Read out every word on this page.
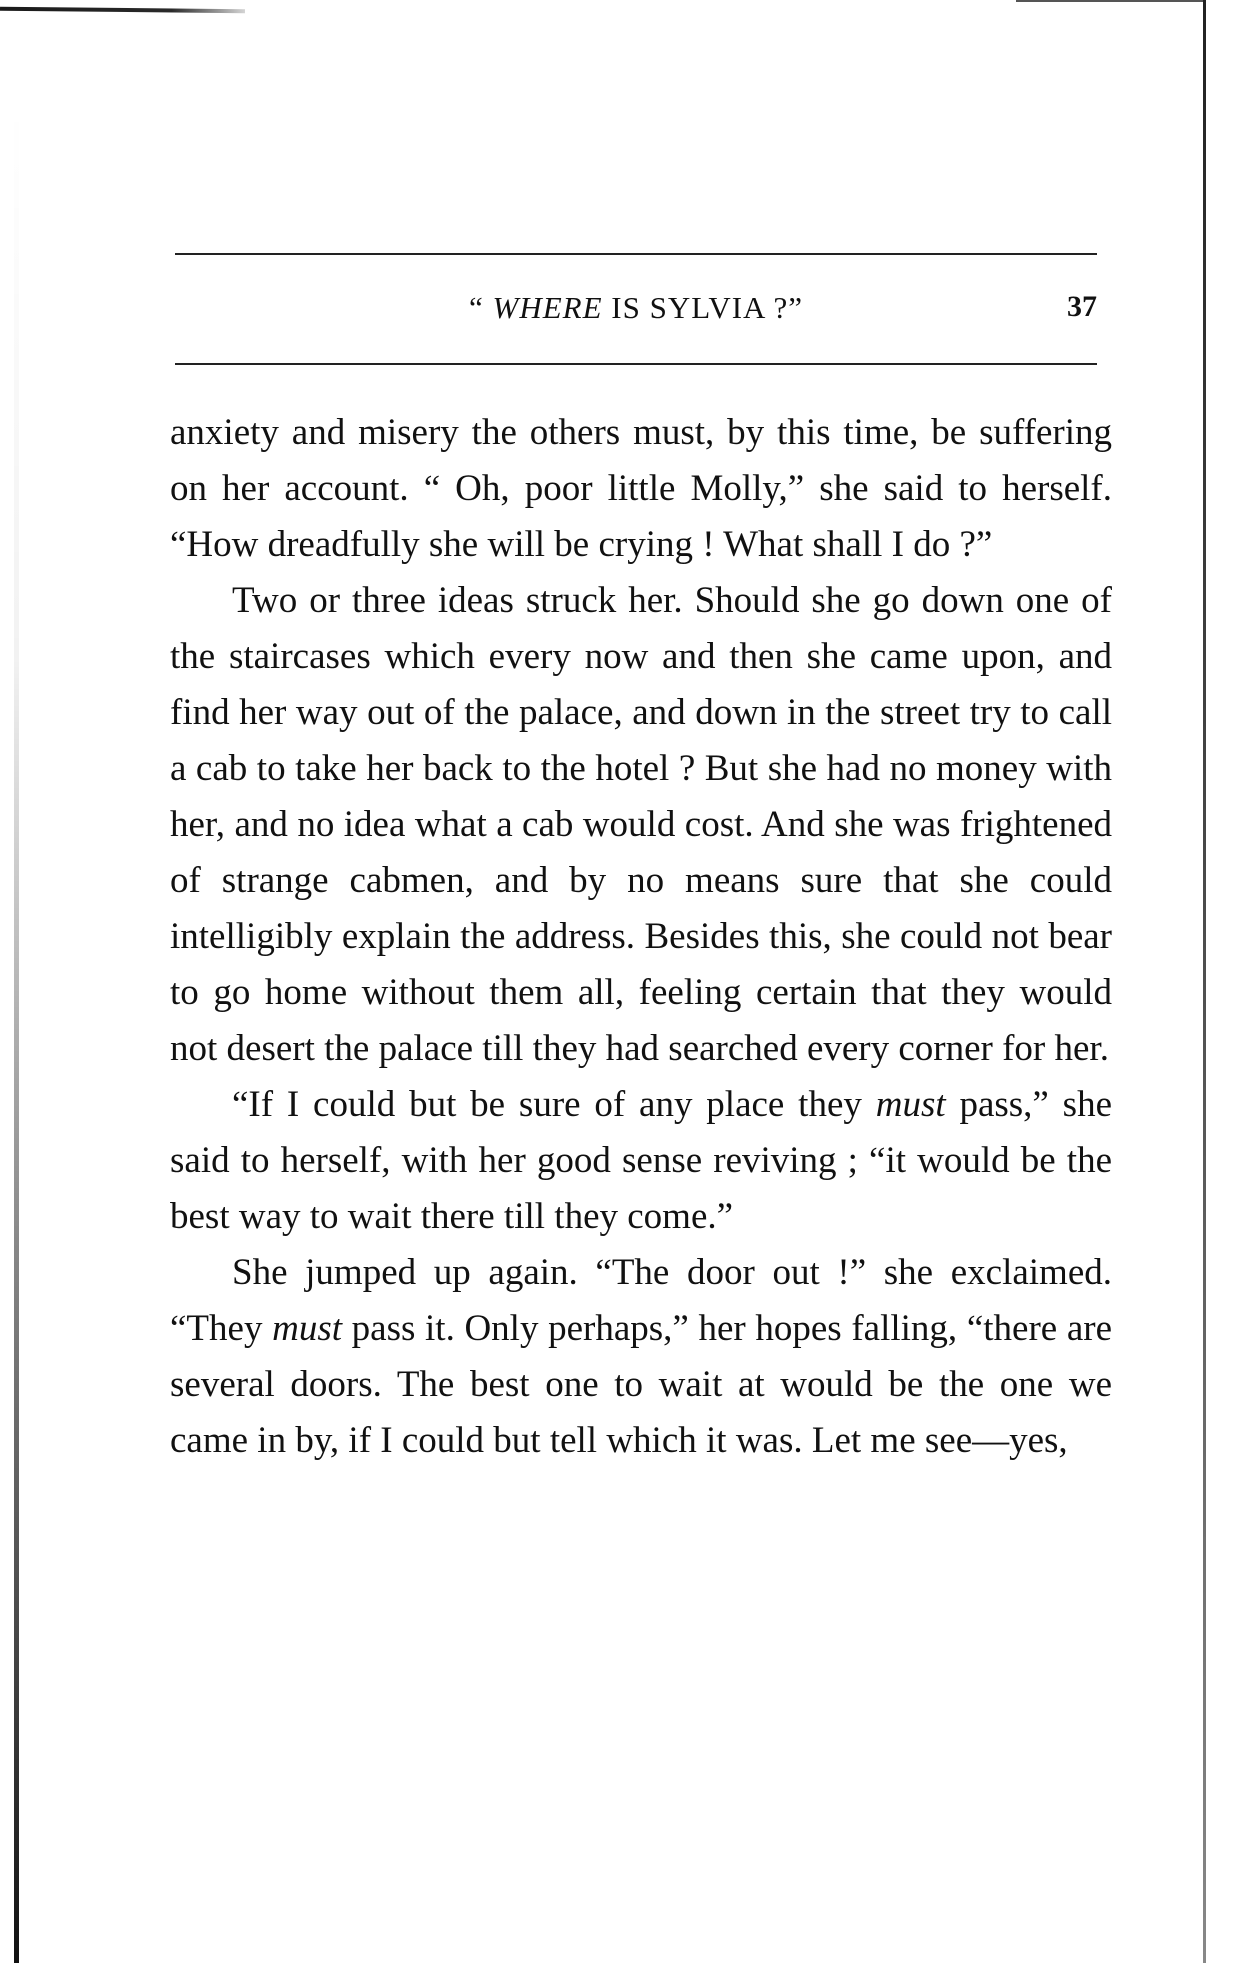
“ WHERE IS SYLVIA ?”	37

anxiety and misery the others must, by this time, be suffering on her account. “ Oh, poor little Molly,” she said to herself. “How dreadfully she will be crying ! What shall I do ?”

Two or three ideas struck her. Should she go down one of the staircases which every now and then she came upon, and find her way out of the palace, and down in the street try to call a cab to take her back to the hotel ? But she had no money with her, and no idea what a cab would cost. And she was frightened of strange cabmen, and by no means sure that she could intelligibly explain the address. Besides this, she could not bear to go home without them all, feeling certain that they would not desert the palace till they had searched every corner for her.

“If I could but be sure of any place they must pass,” she said to herself, with her good sense reviving ; “it would be the best way to wait there till they come.”

She jumped up again. “The door out !” she exclaimed. “They must pass it. Only perhaps,” her hopes falling, “there are several doors. The best one to wait at would be the one we came in by, if I could but tell which it was. Let me see—yes,
